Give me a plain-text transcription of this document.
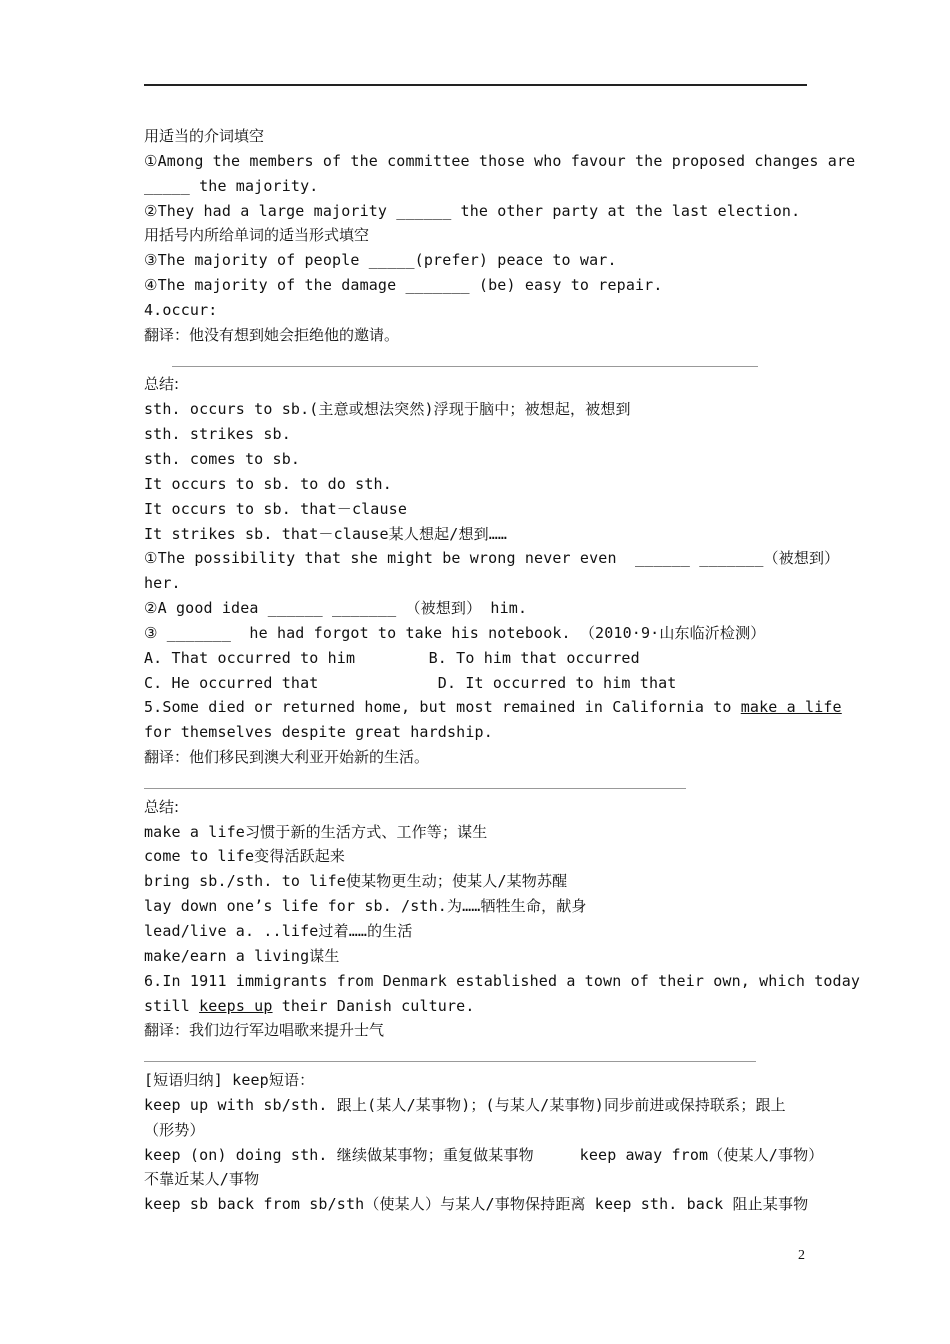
用适当的介词填空
①Among the members of the committee those who favour the proposed changes are
_____ the majority.
②They had a large majority ______ the other party at the last election.
用括号内所给单词的适当形式填空
③The majority of people _____(prefer) peace to war.
④The majority of the damage _______ (be) easy to repair.
4.occur:
翻译：他没有想到她会拒绝他的邀请。
总结:
sth. occurs to sb.(主意或想法突然)浮现于脑中；被想起，被想到
sth. strikes sb.
sth. comes to sb.
It occurs to sb. to do sth.
It occurs to sb. that－clause
It strikes sb. that－clause某人想起/想到……
①The possibility that she might be wrong never even  ______ _______（被想到）
her.
②A good idea ______ _______ （被想到） him.
③ _______  he had forgot to take his notebook. （2010·9·山东临沂检测）
A. That occurred to him        B. To him that occurred
C. He occurred that             D. It occurred to him that
5.Some died or returned home, but most remained in California to make a life
for themselves despite great hardship.
翻译：他们移民到澳大利亚开始新的生活。
总结:
make a life习惯于新的生活方式、工作等；谋生
come to life变得活跃起来
bring sb./sth. to life使某物更生动；使某人/某物苏醒
lay down one’s life for sb. /sth.为……牺牲生命，献身
lead/live a. ..life过着……的生活
make/earn a living谋生
6.In 1911 immigrants from Denmark established a town of their own, which today
still keeps up their Danish culture.
翻译：我们边行军边唱歌来提升士气
[短语归纳] keep短语：
keep up with sb/sth. 跟上(某人/某事物)；(与某人/某事物)同步前进或保持联系；跟上
（形势）
keep (on) doing sth. 继续做某事物；重复做某事物     keep away from（使某人/事物）
不靠近某人/事物
keep sb back from sb/sth（使某人）与某人/事物保持距离 keep sth. back 阻止某事物
2
